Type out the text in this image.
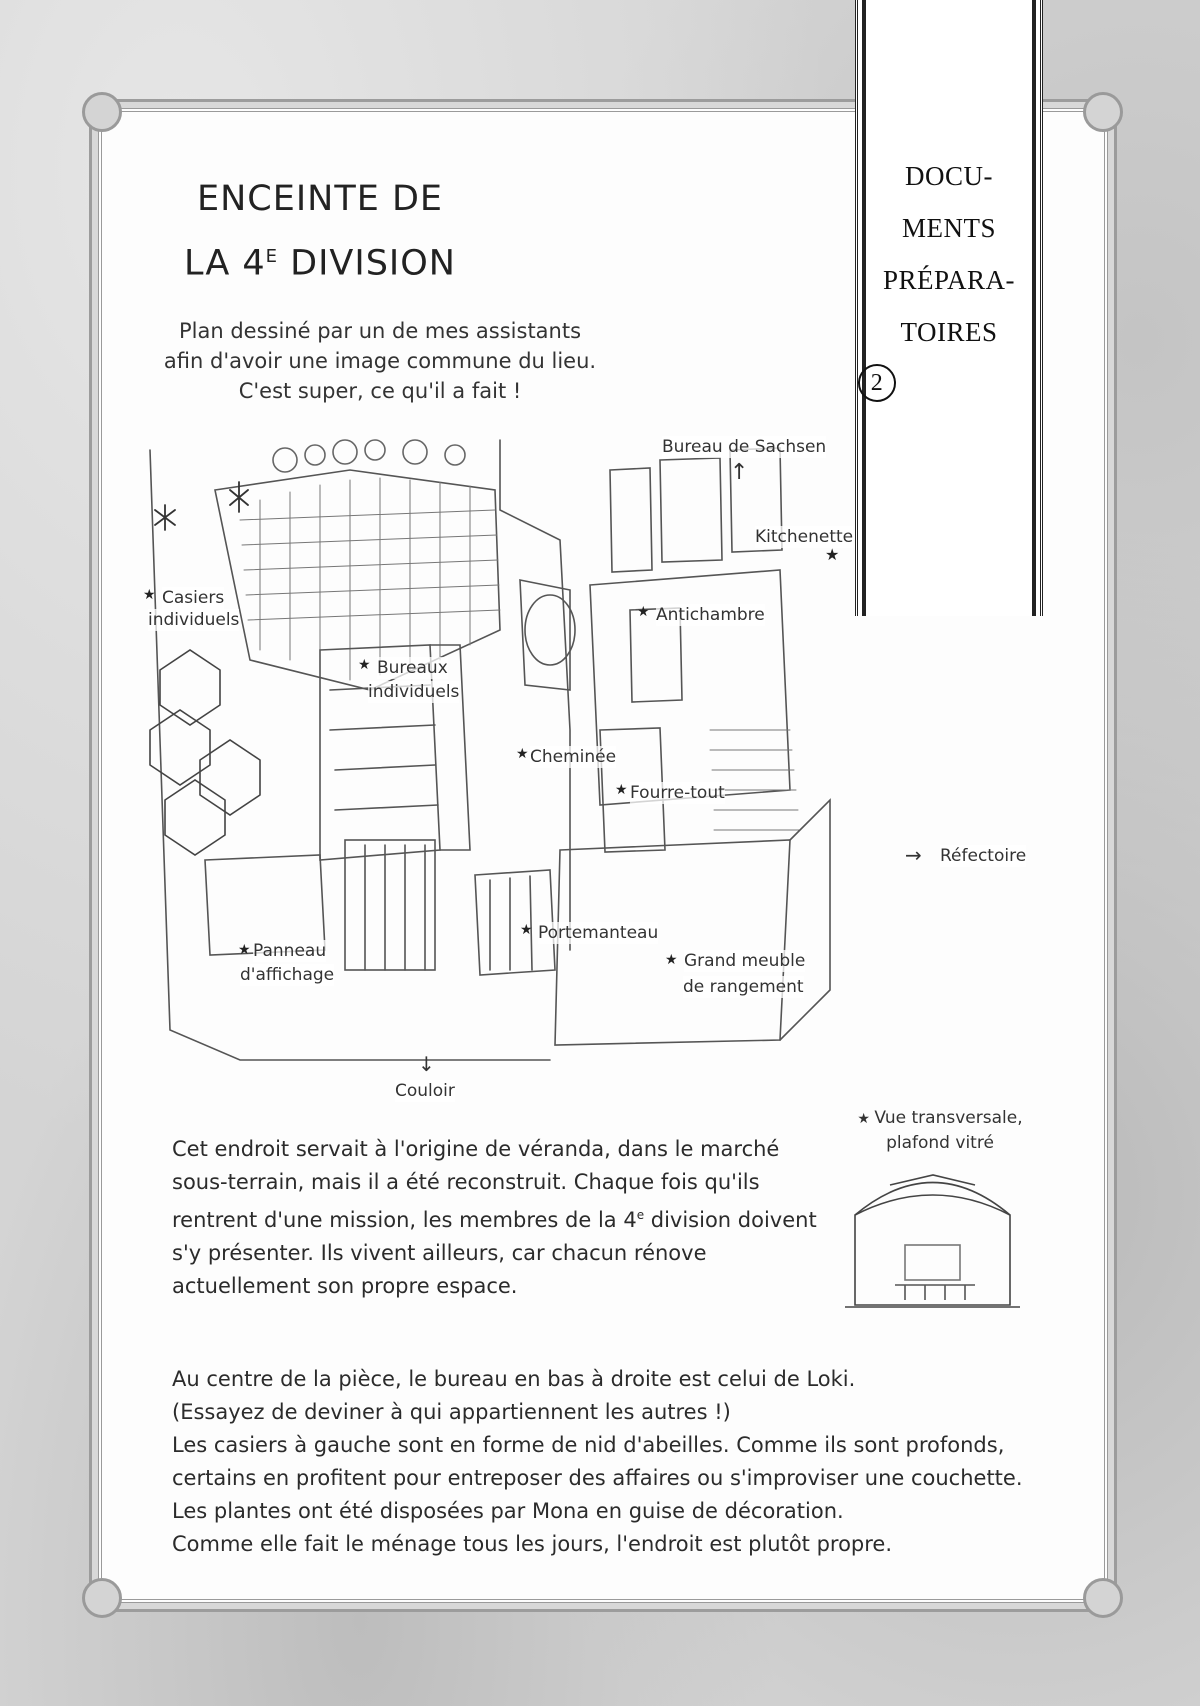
DOCU-
MENTS
PRÉPARA-
TOIRES
2
ENCEINTE DE
LA $4^E$ DIVISION
Plan dessiné par un de mes assistants
afin d'avoir une image commune du lieu.
C'est super, ce qu'il a fait !
Bureau de Sachsen
↑
Kitchenette
★
★ Casiers
individuels	★ Antichambre
★ Bureaux
individuels
★ Cheminée
★ Fourre-tout
→ Réfectoire
★ Portemanteau
★ Panneau
d'affichage
★ Grand meuble
de rangement
↓
Couloir
Cet endroit servait à l'origine de véranda, dans le marché
sous-terrain, mais il a été reconstruit. Chaque fois qu'ils
rentrent d'une mission, les membres de la 4e division doivent
s'y présenter. Ils vivent ailleurs, car chacun rénove
actuellement son propre espace.
★ Vue transversale,
plafond vitré
Au centre de la pièce, le bureau en bas à droite est celui de Loki.
(Essayez de deviner à qui appartiennent les autres !)
Les casiers à gauche sont en forme de nid d'abeilles. Comme ils sont profonds,
certains en profitent pour entreposer des affaires ou s'improviser une couchette.
Les plantes ont été disposées par Mona en guise de décoration.
Comme elle fait le ménage tous les jours, l'endroit est plutôt propre.
